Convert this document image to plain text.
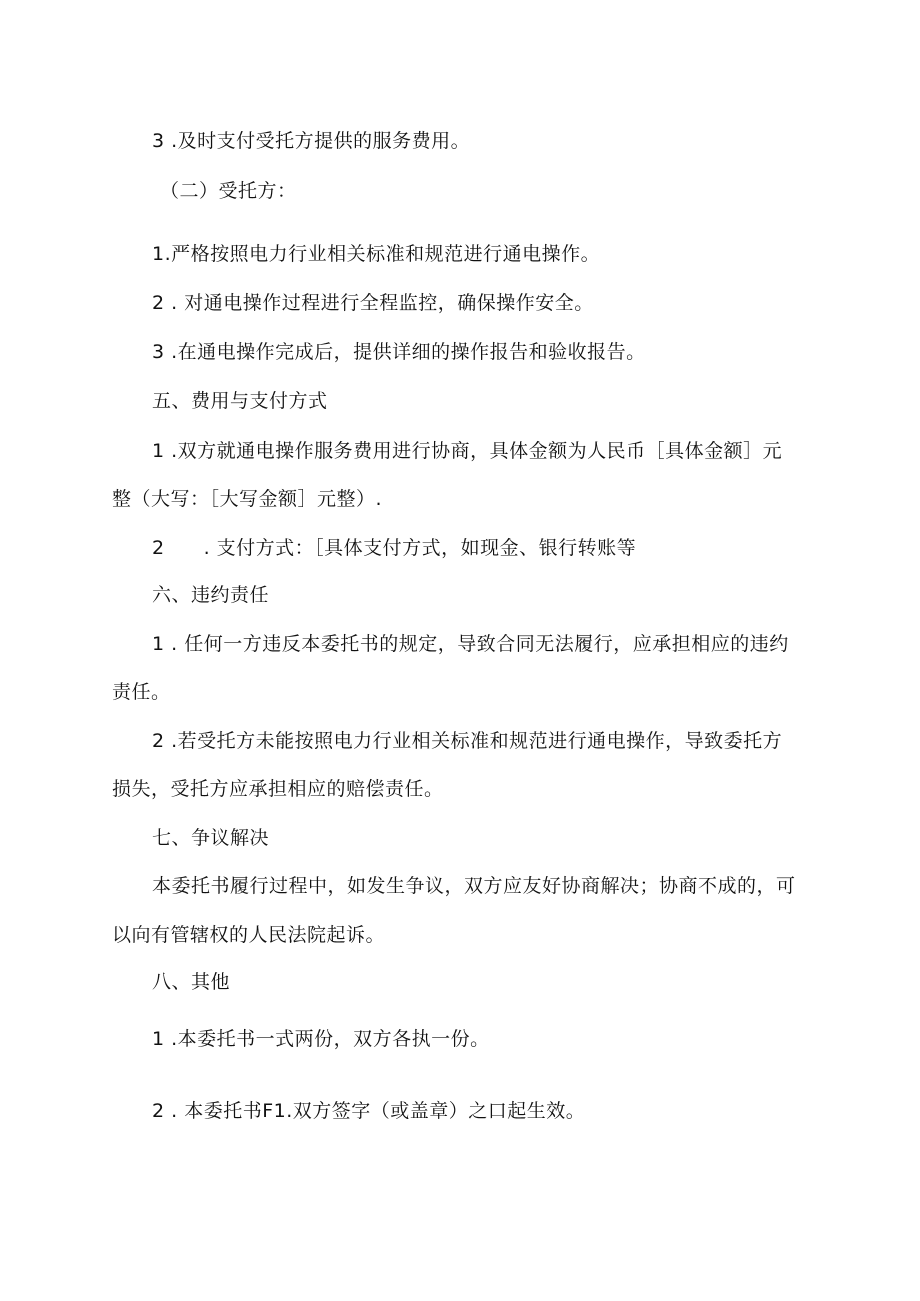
3 .及时支付受托方提供的服务费用。
（二）受托方：
1.严格按照电力行业相关标准和规范进行通电操作。
2 . 对通电操作过程进行全程监控，确保操作安全。
3 .在通电操作完成后，提供详细的操作报告和验收报告。
五、费用与支付方式
1 .双方就通电操作服务费用进行协商，具体金额为人民币［具体金额］元
整（大写：［大写金额］元整）.
2　　. 支付方式：［具体支付方式，如现金、银行转账等
六、违约责任
1 . 任何一方违反本委托书的规定，导致合同无法履行，应承担相应的违约
责任。
2 .若受托方未能按照电力行业相关标准和规范进行通电操作，导致委托方
损失，受托方应承担相应的赔偿责任。
七、争议解决
本委托书履行过程中，如发生争议，双方应友好协商解决；协商不成的，可
以向有管辖权的人民法院起诉。
八、其他
1 .本委托书一式两份，双方各执一份。
2 . 本委托书F1.双方签字（或盖章）之口起生效。
